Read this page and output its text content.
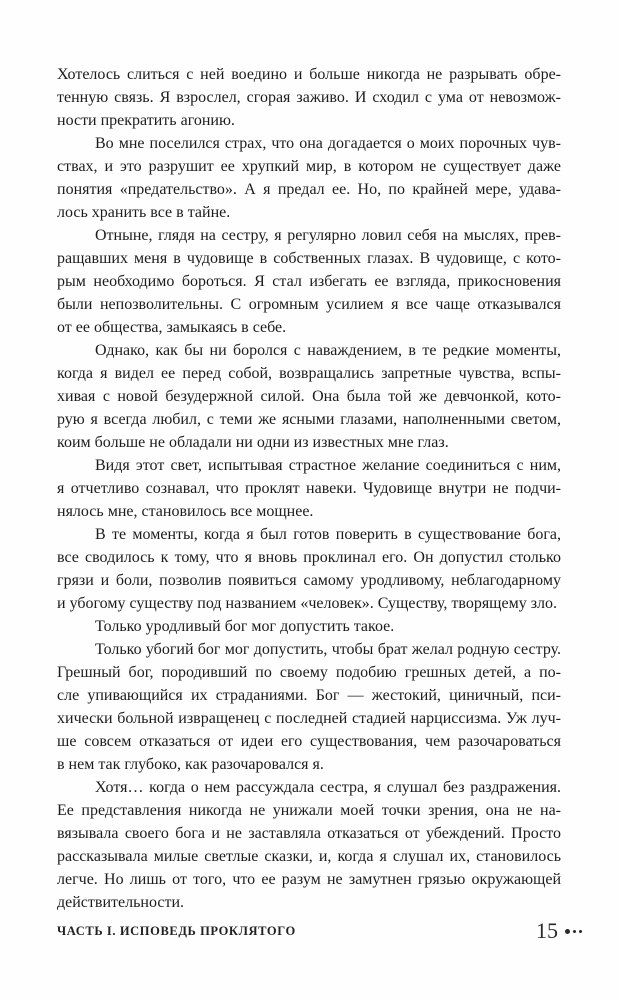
Хотелось слиться с ней воедино и больше никогда не разрывать обре-
тенную связь. Я взрослел, сгорая заживо. И сходил с ума от невозмож-
ности прекратить агонию.
Во мне поселился страх, что она догадается о моих порочных чув-
ствах, и это разрушит ее хрупкий мир, в котором не существует даже
понятия «предательство». А я предал ее. Но, по крайней мере, удава-
лось хранить все в тайне.
Отныне, глядя на сестру, я регулярно ловил себя на мыслях, прев-
ращавших меня в чудовище в собственных глазах. В чудовище, с кото-
рым необходимо бороться. Я стал избегать ее взгляда, прикосновения
были непозволительны. С огромным усилием я все чаще отказывался
от ее общества, замыкаясь в себе.
Однако, как бы ни боролся с наваждением, в те редкие моменты,
когда я видел ее перед собой, возвращались запретные чувства, вспы-
хивая с новой безудержной силой. Она была той же девчонкой, кото-
рую я всегда любил, с теми же ясными глазами, наполненными светом,
коим больше не обладали ни одни из известных мне глаз.
Видя этот свет, испытывая страстное желание соединиться с ним,
я отчетливо сознавал, что проклят навеки. Чудовище внутри не подчи-
нялось мне, становилось все мощнее.
В те моменты, когда я был готов поверить в существование бога,
все сводилось к тому, что я вновь проклинал его. Он допустил столько
грязи и боли, позволив появиться самому уродливому, неблагодарному
и убогому существу под названием «человек». Существу, творящему зло.
Только уродливый бог мог допустить такое.
Только убогий бог мог допустить, чтобы брат желал родную сестру.
Грешный бог, породивший по своему подобию грешных детей, а по-
сле упивающийся их страданиями. Бог — жестокий, циничный, пси-
хически больной извращенец с последней стадией нарциссизма. Уж луч-
ше совсем отказаться от идеи его существования, чем разочароваться
в нем так глубоко, как разочаровался я.
Хотя… когда о нем рассуждала сестра, я слушал без раздражения.
Ее представления никогда не унижали моей точки зрения, она не на-
вязывала своего бога и не заставляла отказаться от убеждений. Просто
рассказывала милые светлые сказки, и, когда я слушал их, становилось
легче. Но лишь от того, что ее разум не замутнен грязью окружающей
действительности.
ЧАСТЬ I. ИСПОВЕДЬ ПРОКЛЯТОГО	15
